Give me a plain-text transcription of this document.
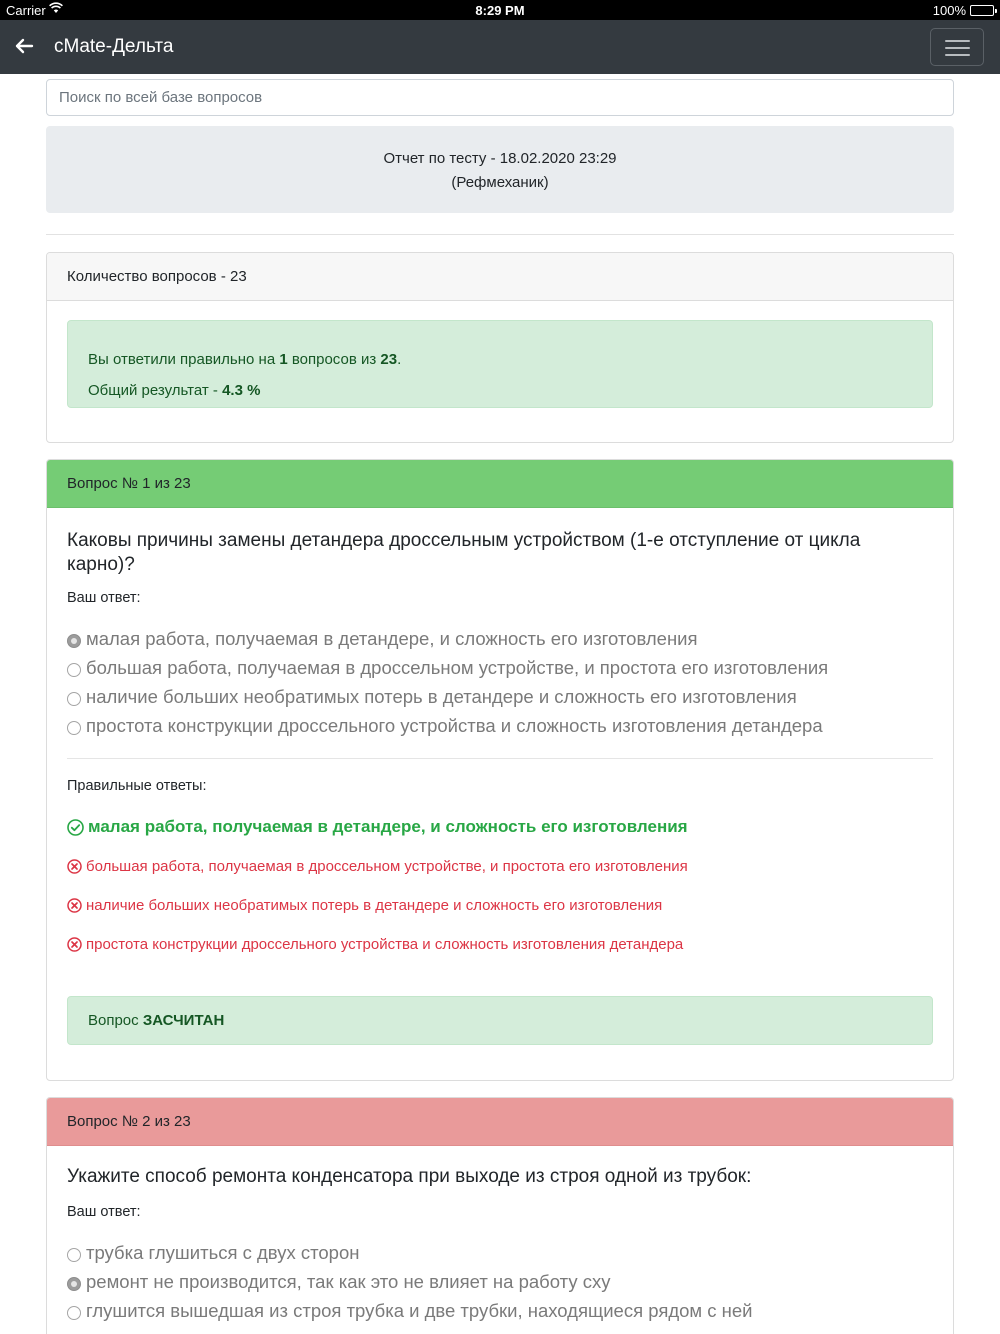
Carrier	8:29 PM	100%
cMate-Дельта
Поиск по всей базе вопросов
Отчет по тесту - 18.02.2020 23:29
(Рефмеханик)
Количество вопросов - 23
Вы ответили правильно на 1 вопросов из 23.
Общий результат - 4.3 %
Вопрос № 1 из 23
Каковы причины замены детандера дроссельным устройством (1-е отступление от цикла карно)?
Ваш ответ:
малая работа, получаемая в детандере, и сложность его изготовления
большая работа, получаемая в дроссельном устройстве, и простота его изготовления
наличие больших необратимых потерь в детандере и сложность его изготовления
простота конструкции дроссельного устройства и сложность изготовления детандера
Правильные ответы:
малая работа, получаемая в детандере, и сложность его изготовления
большая работа, получаемая в дроссельном устройстве, и простота его изготовления
наличие больших необратимых потерь в детандере и сложность его изготовления
простота конструкции дроссельного устройства и сложность изготовления детандера
Вопрос ЗАСЧИТАН
Вопрос № 2 из 23
Укажите способ ремонта конденсатора при выходе из строя одной из трубок:
Ваш ответ:
трубка глушиться с двух сторон
ремонт не производится, так как это не влияет на работу сху
глушится вышедшая из строя трубка и две трубки, находящиеся рядом с ней
